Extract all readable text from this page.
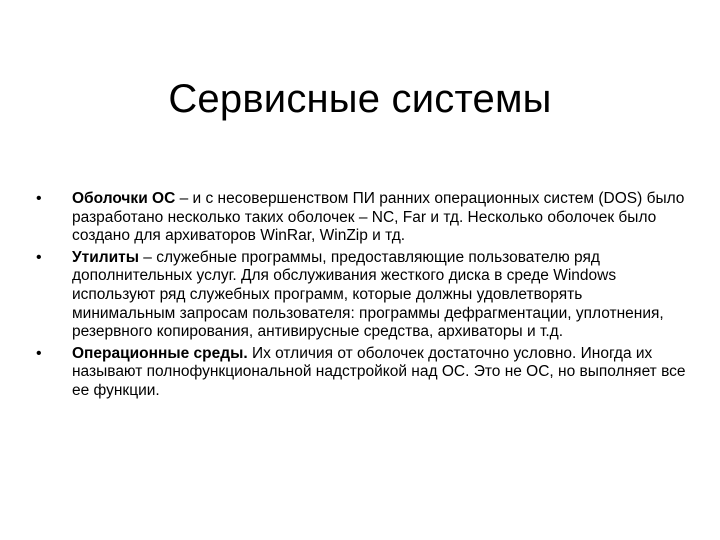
Сервисные системы
•	Оболочки ОС – и с несовершенством ПИ ранних операционных систем (DOS) было разработано несколько таких оболочек – NC, Far и тд. Несколько оболочек было создано для архиваторов WinRar, WinZip и тд.
•	Утилиты – служебные программы, предоставляющие пользователю ряд дополнительных услуг. Для обслуживания жесткого диска в среде Windows используют ряд служебных программ, которые должны удовлетворять минимальным запросам пользователя: программы дефрагментации, уплотнения, резервного копирования, антивирусные средства, архиваторы и т.д.
•	Операционные среды. Их отличия от оболочек достаточно условно. Иногда их называют полнофункциональной надстройкой над ОС. Это не ОС, но выполняет все ее функции.
